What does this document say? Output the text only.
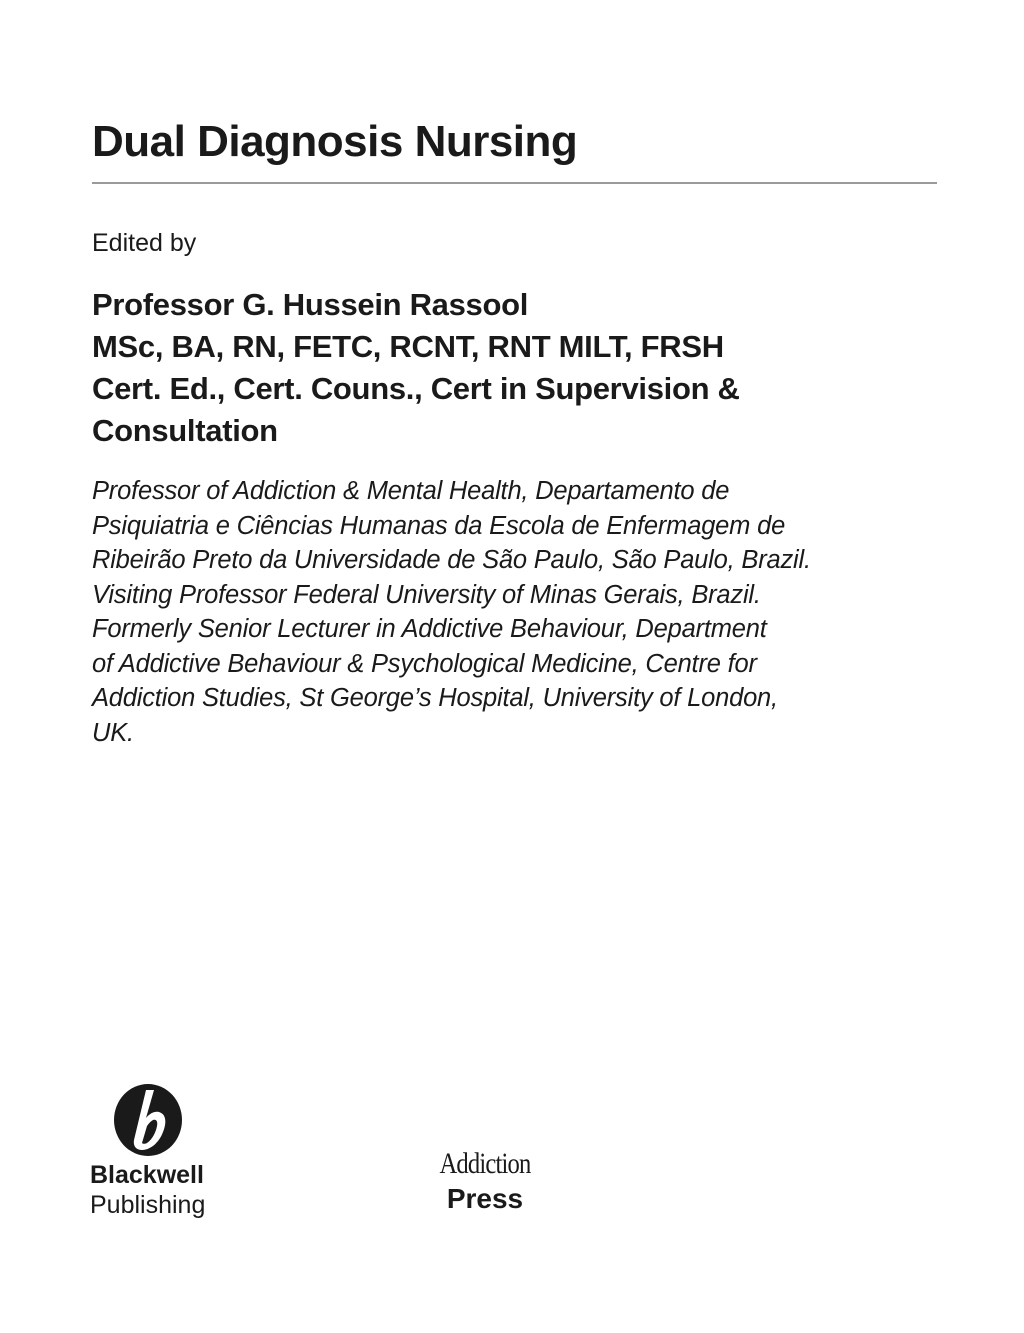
Dual Diagnosis Nursing
Edited by
Professor G. Hussein Rassool
MSc, BA, RN, FETC, RCNT, RNT MILT, FRSH
Cert. Ed., Cert. Couns., Cert in Supervision &
Consultation
Professor of Addiction & Mental Health, Departamento de
Psiquiatria e Ciências Humanas da Escola de Enfermagem de
Ribeirão Preto da Universidade de São Paulo, São Paulo, Brazil.
Visiting Professor Federal University of Minas Gerais, Brazil.
Formerly Senior Lecturer in Addictive Behaviour, Department
of Addictive Behaviour & Psychological Medicine, Centre for
Addiction Studies, St George’s Hospital, University of London,
UK.
Blackwell
Publishing
Addiction
Press
